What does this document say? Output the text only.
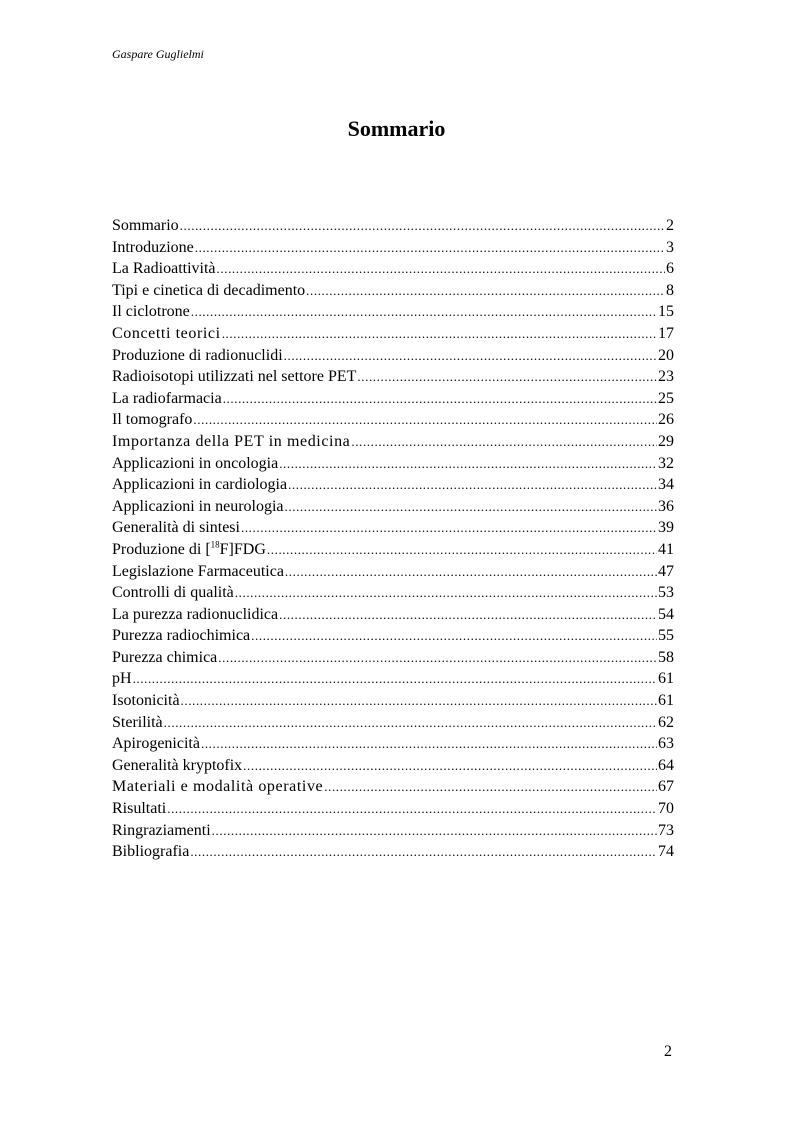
Gaspare Guglielmi
Sommario
Sommario .....	2
Introduzione .....	3
La Radioattività .....	6
Tipi e cinetica di decadimento .....	8
Il ciclotrone .....	15
Concetti teorici .....	17
Produzione di radionuclidi .....	20
Radioisotopi utilizzati nel settore PET .....	23
La radiofarmacia .....	25
Il tomografo .....	26
Importanza della PET in medicina .....	29
Applicazioni in oncologia .....	32
Applicazioni in cardiologia .....	34
Applicazioni in neurologia .....	36
Generalità di sintesi .....	39
Produzione di [$^{18}$F]FDG .....	41
Legislazione Farmaceutica .....	47
Controlli di qualità .....	53
La purezza radionuclidica .....	54
Purezza radiochimica .....	55
Purezza chimica .....	58
pH .....	61
Isotonicità .....	61
Sterilità .....	62
Apirogenicità .....	63
Generalità kryptofix .....	64
Materiali e modalità operative .....	67
Risultati .....	70
Ringraziamenti .....	73
Bibliografia .....	74
2
